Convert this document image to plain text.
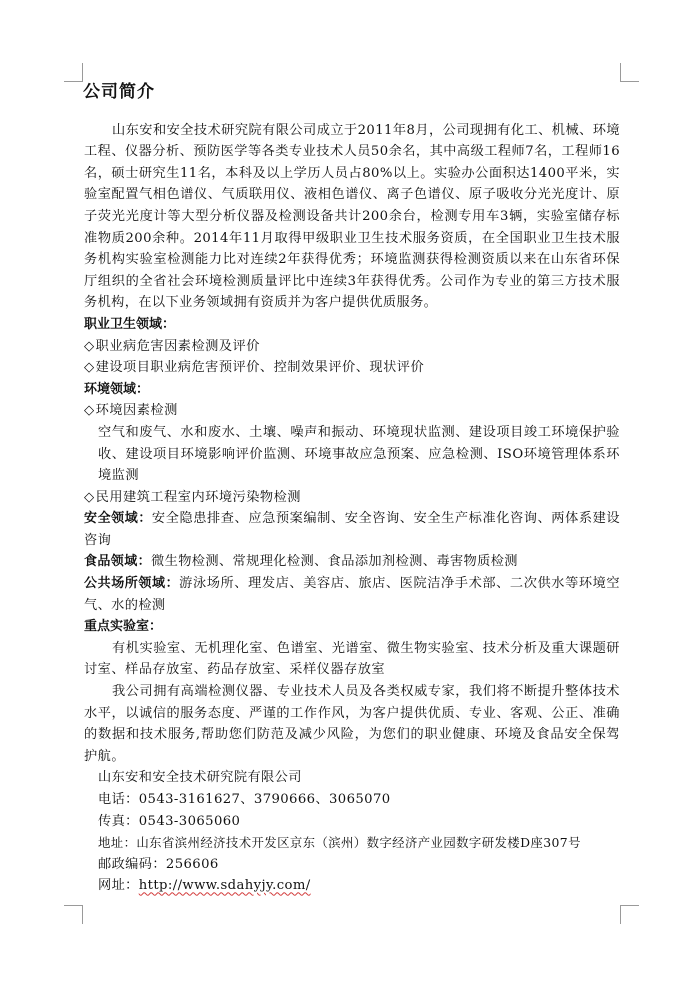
公司简介

山东安和安全技术研究院有限公司成立于2011年8月，公司现拥有化工、机械、环境工程、仪器分析、预防医学等各类专业技术人员50余名，其中高级工程师7名，工程师16名，硕士研究生11名，本科及以上学历人员占80%以上。实验办公面积达1400平米，实验室配置气相色谱仪、气质联用仪、液相色谱仪、离子色谱仪、原子吸收分光光度计、原子荧光光度计等大型分析仪器及检测设备共计200余台，检测专用车3辆，实验室储存标准物质200余种。2014年11月取得甲级职业卫生技术服务资质，在全国职业卫生技术服务机构实验室检测能力比对连续2年获得优秀；环境监测获得检测资质以来在山东省环保厅组织的全省社会环境检测质量评比中连续3年获得优秀。公司作为专业的第三方技术服务机构，在以下业务领域拥有资质并为客户提供优质服务。

职业卫生领域：

◇职业病危害因素检测及评价

◇建设项目职业病危害预评价、控制效果评价、现状评价

环境领域：

◇环境因素检测

空气和废气、水和废水、土壤、噪声和振动、环境现状监测、建设项目竣工环境保护验收、建设项目环境影响评价监测、环境事故应急预案、应急检测、ISO环境管理体系环境监测

◇民用建筑工程室内环境污染物检测

安全领域：安全隐患排查、应急预案编制、安全咨询、安全生产标准化咨询、两体系建设咨询

食品领域：微生物检测、常规理化检测、食品添加剂检测、毒害物质检测

公共场所领域：游泳场所、理发店、美容店、旅店、医院洁净手术部、二次供水等环境空气、水的检测

重点实验室：

有机实验室、无机理化室、色谱室、光谱室、微生物实验室、技术分析及重大课题研讨室、样品存放室、药品存放室、采样仪器存放室

我公司拥有高端检测仪器、专业技术人员及各类权威专家，我们将不断提升整体技术水平，以诚信的服务态度、严谨的工作作风，为客户提供优质、专业、客观、公正、准确的数据和技术服务,帮助您们防范及减少风险，为您们的职业健康、环境及食品安全保驾护航。

山东安和安全技术研究院有限公司

电话：0543-3161627、3790666、3065070

传真：0543-3065060

地址：山东省滨州经济技术开发区京东（滨州）数字经济产业园数字研发楼D座307号

邮政编码：256606

网址：http://www.sdahyjy.com/
